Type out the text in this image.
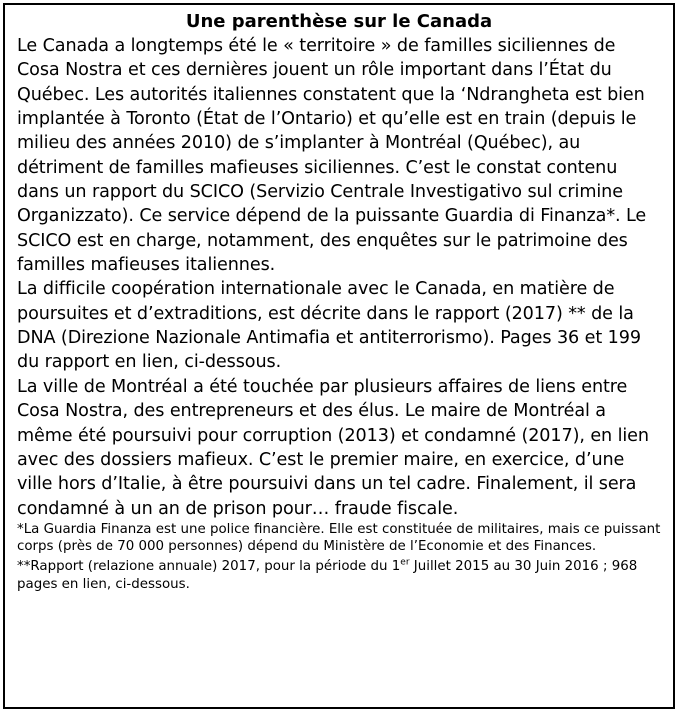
Une parenthèse sur le Canada

Le Canada a longtemps été le « territoire » de familles siciliennes de Cosa Nostra et ces dernières jouent un rôle important dans l’État du Québec. Les autorités italiennes constatent que la ‘Ndrangheta est bien implantée à Toronto (État de l’Ontario) et qu’elle est en train (depuis le milieu des années 2010) de s’implanter à Montréal (Québec), au détriment de familles mafieuses siciliennes. C’est le constat contenu dans un rapport du SCICO (Servizio Centrale Investigativo sul crimine Organizzato). Ce service dépend de la puissante Guardia di Finanza*. Le SCICO est en charge, notamment, des enquêtes sur le patrimoine des familles mafieuses italiennes.

La difficile coopération internationale avec le Canada, en matière de poursuites et d’extraditions, est décrite dans le rapport (2017) ** de la DNA (Direzione Nazionale Antimafia et antiterrorismo). Pages 36 et 199 du rapport en lien, ci-dessous.

La ville de Montréal a été touchée par plusieurs affaires de liens entre Cosa Nostra, des entrepreneurs et des élus. Le maire de Montréal a même été poursuivi pour corruption (2013) et condamné (2017), en lien avec des dossiers mafieux. C’est le premier maire, en exercice, d’une ville hors d’Italie, à être poursuivi dans un tel cadre. Finalement, il sera condamné à un an de prison pour… fraude fiscale.

*La Guardia Finanza est une police financière. Elle est constituée de militaires, mais ce puissant corps (près de 70 000 personnes) dépend du Ministère de l’Economie et des Finances.

**Rapport (relazione annuale) 2017, pour la période du 1er Juillet 2015 au 30 Juin 2016 ; 968 pages en lien, ci-dessous.
